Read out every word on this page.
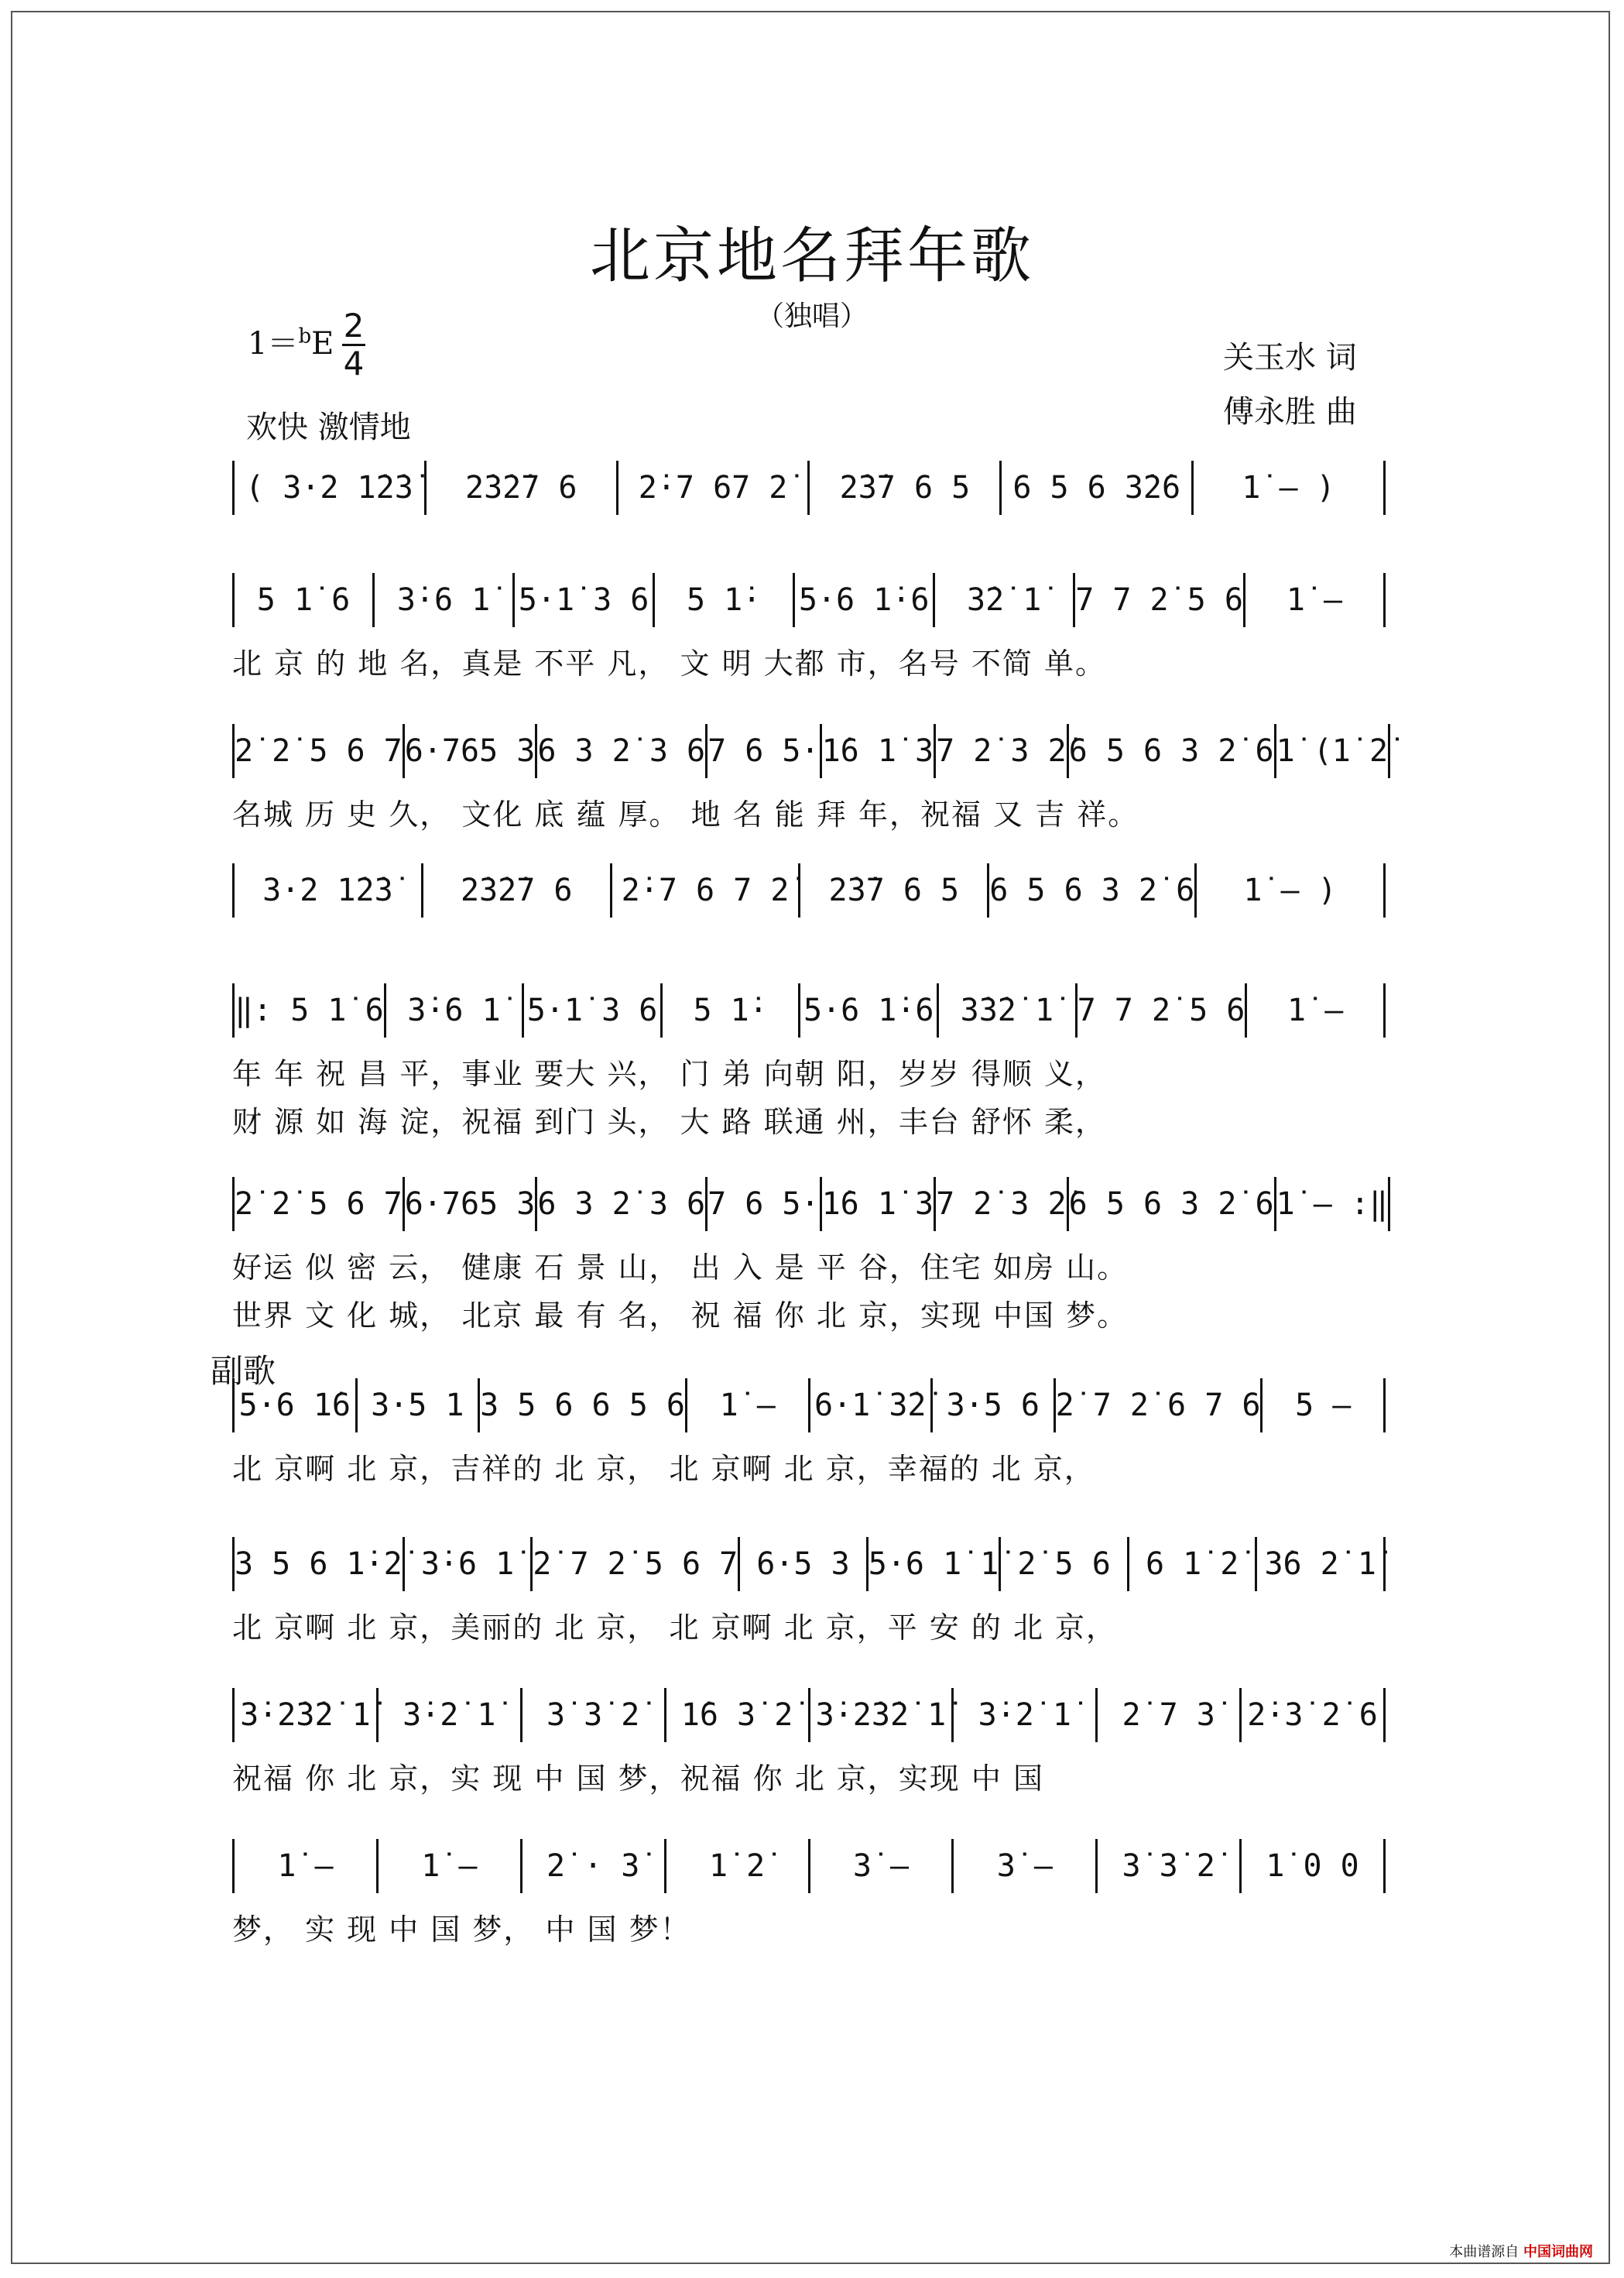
北京地名拜年歌
（独唱）
1＝$^b$E 2
4
欢快 激情地
关玉水 词
傅永胜 曲
副歌
( 3·2 1̇2̇3̇	2̇3̇2̇7 6	2̇·7 67 2̇	2̇3̇7 6 5	6 5 6 3̇2̇6	1̇ – )
5 1̇ 6	3̇·6 1̇ 5·1̇ 3 6	5 1̇·	5·6 1̇·6	3̇2̇ 1̇	7 7 2̇ 5 6	1̇ –
北 京 的 地 名，真是 不平 凡， 文 明 大都 市，名号 不简 单。
2̇ 2̇ 5 6 7 6·765 3 6 3 2̇ 3 6 7 6 5· 1̇6 1̇ 3 7 2̇ 3 2̇ 6 5 6 3 2̇ 6 1̇ (1̇ 2̇
名城 历 史 久， 文化 底 蕴 厚。 地 名 能 拜 年，祝福 又 吉 祥。
3·2 1̇2̇3̇	2̇3̇2̇7 6	2̇·7 6 7 2̇	2̇3̇7 6 5 6 5 6 3 2̇ 6	1̇ – )
‖: 5 1̇ 6 3̇·6 1̇ 5·1̇ 3 6	5 1̇·	5·6 1̇·6 3̇3̇2̇ 1̇ 7 7 2̇ 5 6	1̇ –
年 年 祝 昌 平，事业 要大 兴， 门 弟 向朝 阳，岁岁 得顺 义，
财 源 如 海 淀，祝福 到门 头， 大 路 联通 州，丰台 舒怀 柔，
2̇ 2̇ 5 6 7 6·765 3 6 3 2̇ 3 6 7 6 5· 1̇6 1̇ 3 7 2̇ 3 2̇ 6 5 6 3 2̇ 6 1̇ – :‖
好运 似 密 云， 健康 石 景 山， 出 入 是 平 谷，住宅 如房 山。
世界 文 化 城， 北京 最 有 名， 祝 福 你 北 京，实现 中国 梦。
5·6 1̇6 3·5 1 3 5 6 6 5 6	1̇ –	6·1̇ 3̇2̇ 3·5 6 2̇ 7 2̇ 6 7 6	5 –
北 京啊 北 京，吉祥的 北 京， 北 京啊 北 京，幸福的 北 京，
3 5 6 1̇·2̇ 3̇·6 1̇ 2̇ 7 2̇ 5 6 7 6·5 3 5·6 1̇ 1̇ 2̇ 5 6	6 1̇ 2̇ 3̇6 2̇ 1̇
北 京啊 北 京，美丽的 北 京， 北 京啊 北 京，平 安 的 北 京，
3̇·2̇3̇2̇ 1̇	3̇·2̇ 1̇	3̇ 3̇ 2̇	1̇6 3̇ 2̇ 3̇·2̇3̇2̇ 1̇	3̇·2̇ 1̇	2̇ 7 3̇	2̇·3̇ 2̇ 6
祝福 你 北 京，实 现 中 国 梦，祝福 你 北 京，实现 中 国
1̇ –	1̇ –	2̇ · 3̇	1̇ 2̇	3̇ –	3̇ –	3̇ 3̇ 2̇	1̇ 0 0
梦， 实 现 中 国 梦， 中 国 梦！
本曲谱源自 中国词曲网
